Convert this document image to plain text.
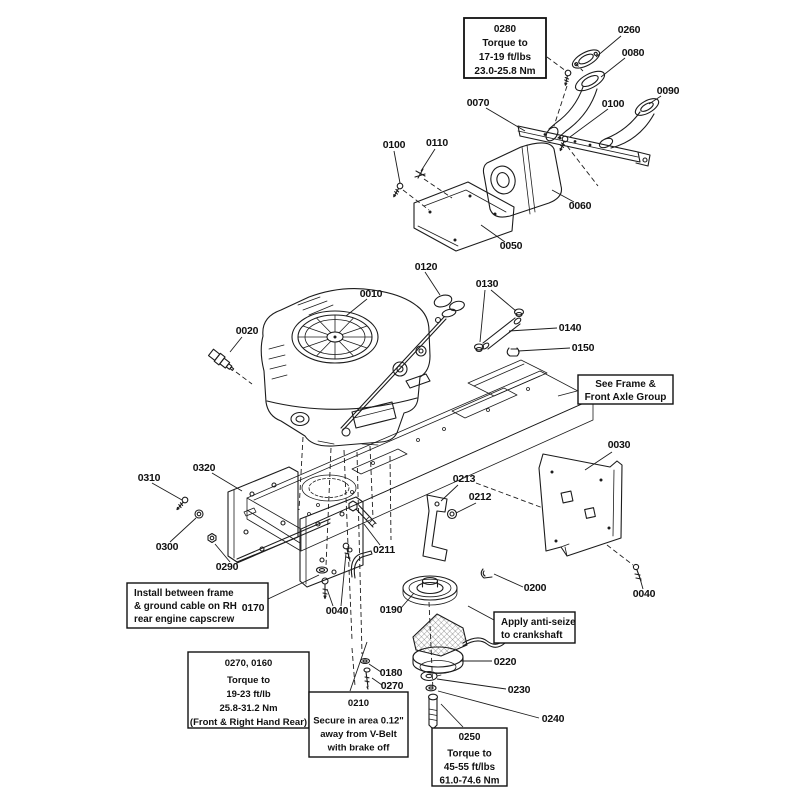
0280
Torque to
17-19 ft/lbs
23.0-25.8 Nm
See Frame &
Front Axle Group
Install between frame
& ground cable on RH
rear engine capscrew
0270, 0160
Torque to
19-23 ft/lb
25.8-31.2 Nm
(Front & Right Hand Rear)
0210
Secure in area 0.12"
away from V-Belt
with brake off
Apply anti-seize
to crankshaft
0250
Torque to
45-55 ft/lbs
61.0-74.6 Nm
0260
0080
0090
0070	0100
0100 0110
0060
0050
0120
0010
0130
0140
0150
0020
0310
0320
0300
0290
0213
0212
0211
0030
0200
0040	0190
0040
0170
0180
0270
0220
0230
0240
